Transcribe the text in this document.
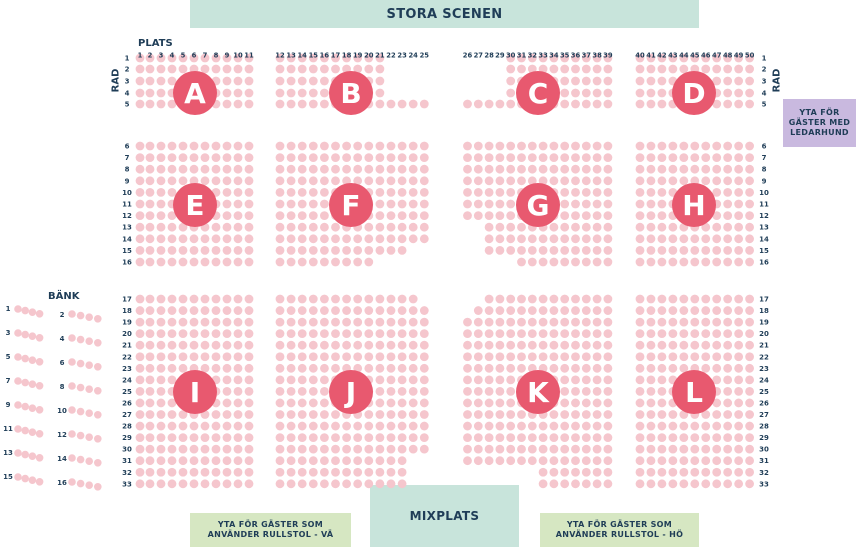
STORA SCENEN
YTA FÖR
GÄSTER MED
LEDARHUND
MIXPLATS
YTA FÖR GÄSTER SOM
ANVÄNDER RULLSTOL - VÄ
YTA FÖR GÄSTER SOM
ANVÄNDER RULLSTOL - HÖ
PLATS
RAD	RAD
BÄNK
1 2 3 4 5 6 7 8 9 10 11	12 13 14 15 16 17 18 19 20 21 22 23 24 25	26 27 28 29 30 31 32 33 34 35 36 37 38 39	40 41 42 43 44 45 46 47 48 49 50
1	1
2	2
3	3
4	4
5	5
6	6
7	7
8	8
9	9
10	10
11	11
12	12
13	13
14	14
15	15
16	16
17	17
18	18
19	19
20	20
21	21
22	22
23	23
24	24
25	25
26	26
27	27
28	28
29	29
30	30
31	31
32	32
33	33
A	B	C	D
E	F	G	H
I	J	K	L
1
2
3
4
5
6
7
8
9
10
11
12
13
14
15
16
